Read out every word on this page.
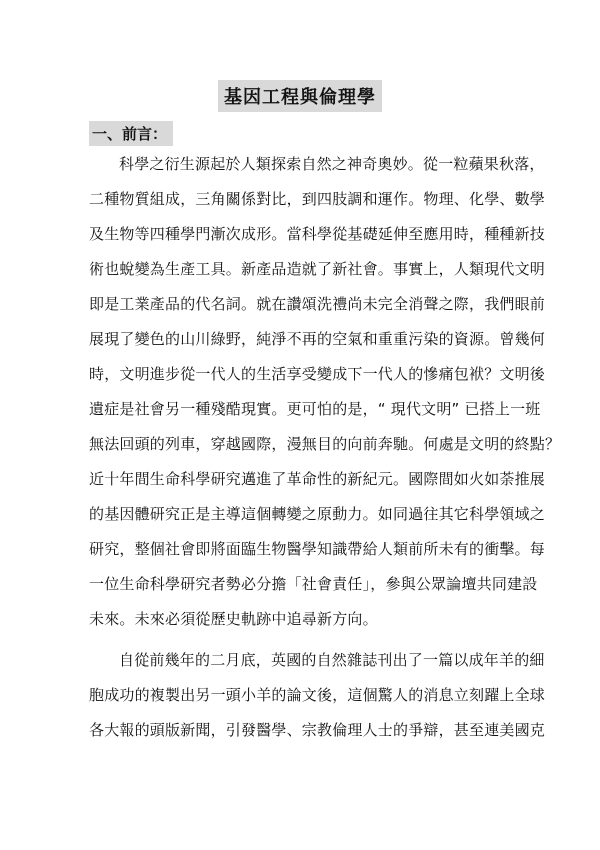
基因工程與倫理學
一、前言：
科學之衍生源起於人類探索自然之神奇奧妙。從一粒蘋果秋落，
二種物質組成，三角關係對比，到四肢調和運作。物理、化學、數學
及生物等四種學門漸次成形。當科學從基礎延伸至應用時，種種新技
術也蛻變為生產工具。新產品造就了新社會。事實上，人類現代文明
即是工業產品的代名詞。就在讚頌洗禮尚未完全消聲之際，我們眼前
展現了變色的山川綠野，純淨不再的空氣和重重污染的資源。曾幾何
時，文明進步從一代人的生活享受變成下一代人的慘痛包袱？文明後
遺症是社會另一種殘酷現實。更可怕的是，“ 現代文明” 已搭上一班
無法回頭的列車，穿越國際，漫無目的向前奔馳。何處是文明的終點？
近十年間生命科學研究邁進了革命性的新紀元。國際間如火如荼推展
的基因體研究正是主導這個轉變之原動力。如同過往其它科學領域之
研究，整個社會即將面臨生物醫學知識帶給人類前所未有的衝擊。每
一位生命科學研究者勢必分擔「社會責任」，參與公眾論壇共同建設
未來。未來必須從歷史軌跡中追尋新方向。
自從前幾年的二月底，英國的自然雜誌刊出了一篇以成年羊的細
胞成功的複製出另一頭小羊的論文後，這個驚人的消息立刻躍上全球
各大報的頭版新聞，引發醫學、宗教倫理人士的爭辯，甚至連美國克
